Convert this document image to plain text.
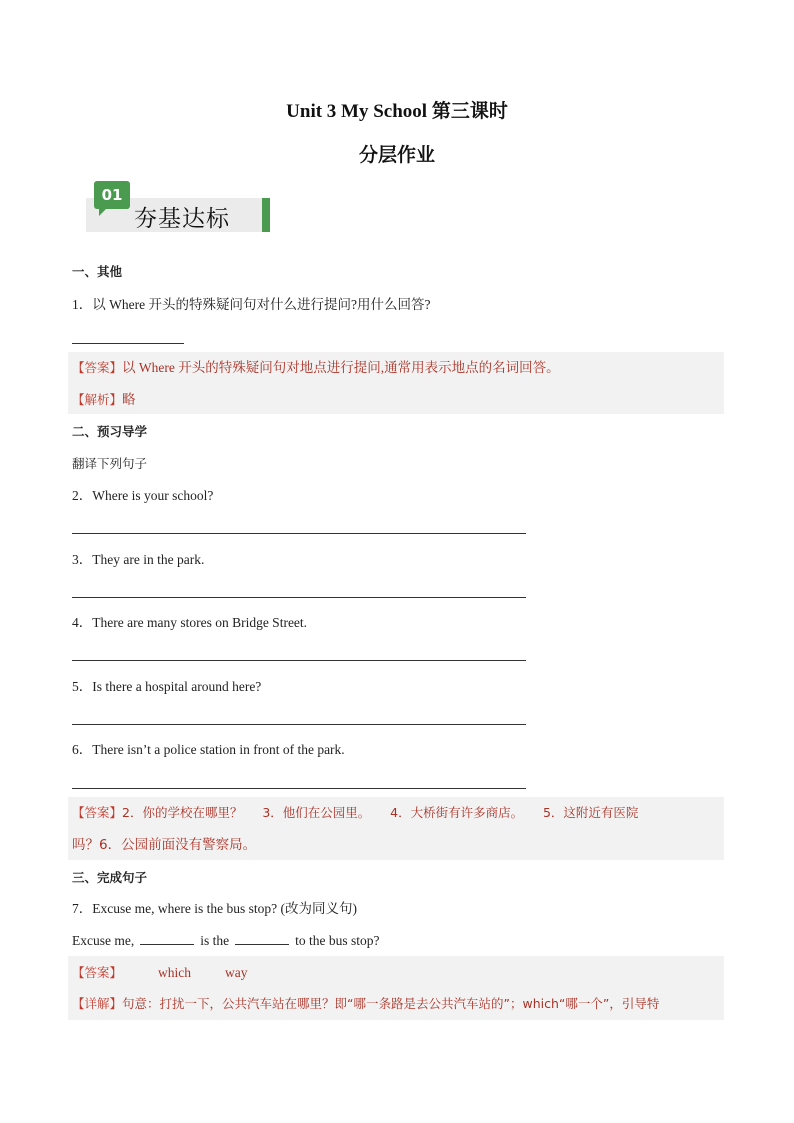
Unit 3 My School 第三课时
分层作业
01
夯基达标
一、其他
1．以 Where 开头的特殊疑问句对什么进行提问?用什么回答?
【答案】以 Where 开头的特殊疑问句对地点进行提问,通常用表示地点的名词回答。
【解析】略
二、预习导学
翻译下列句子
2．Where is your school?
3．They are in the park.
4．There are many stores on Bridge Street.
5．Is there a hospital around here?
6．There isn’t a police station in front of the park.
【答案】2．你的学校在哪里？     3．他们在公园里。     4．大桥街有许多商店。     5．这附近有医院
吗？6．公园前面没有警察局。
三、完成句子
7．Excuse me, where is the bus stop? (改为同义句)
Excuse me,	is the	to the bus stop?
【答案】	which	way
【详解】句意：打扰一下，公共汽车站在哪里？即“哪一条路是去公共汽车站的”；which“哪一个”，引导特
